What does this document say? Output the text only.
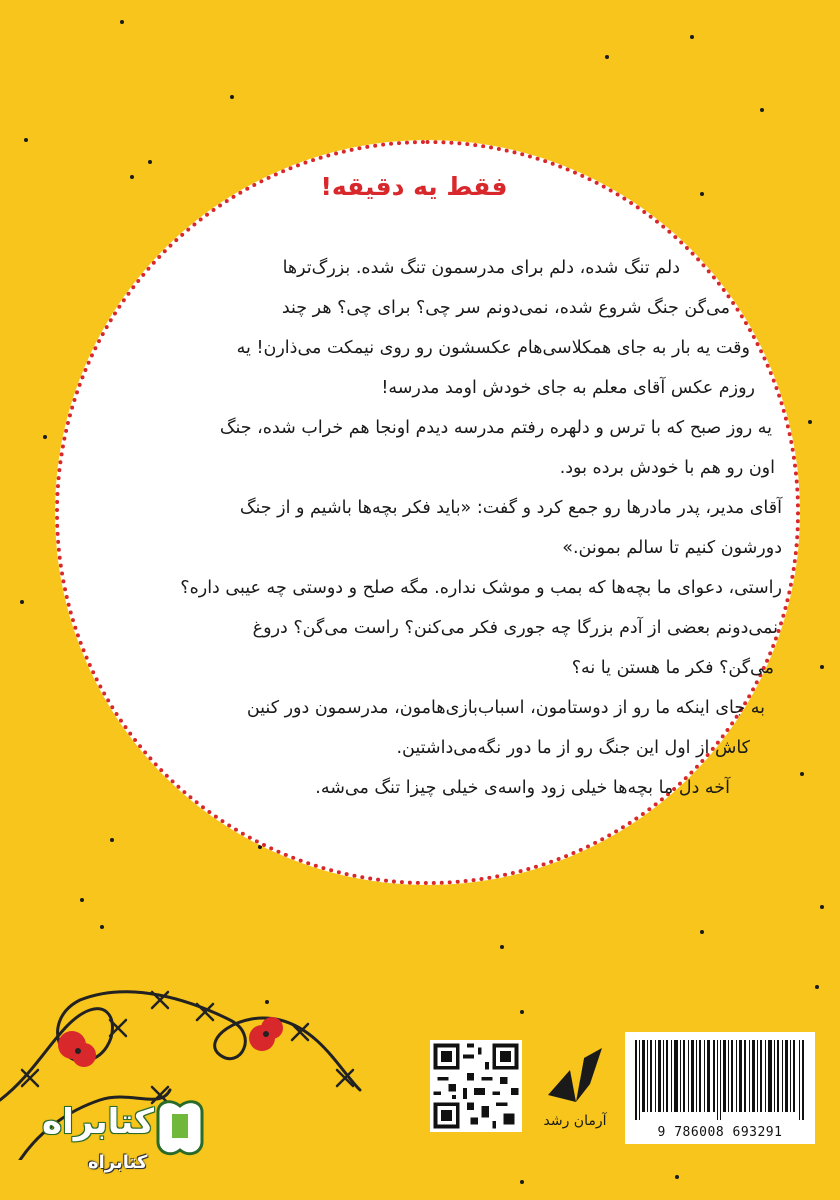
فقط یه دقیقه!
دلم تنگ شده، دلم برای مدرسمون تنگ شده. بزرگ‌ترها
می‌گن جنگ شروع شده، نمی‌دونم سر چی؟ برای چی؟ هر چند
وقت یه بار به جای همکلاسی‌هام عکسشون رو روی نیمکت می‌ذارن! یه
روزم عکس آقای معلم به جای خودش اومد مدرسه!
یه روز صبح که با ترس و دلهره رفتم مدرسه دیدم اونجا هم خراب شده، جنگ
اون رو هم با خودش برده بود.
آقای مدیر، پدر مادرها رو جمع کرد و گفت: «باید فکر بچه‌ها باشیم و از جنگ
دورشون کنیم تا سالم بمونن.»
راستی، دعوای ما بچه‌ها که بمب و موشک نداره. مگه صلح و دوستی چه عیبی داره؟
نمی‌دونم بعضی از آدم بزرگا چه جوری فکر می‌کنن؟ راست می‌گن؟ دروغ
می‌گن؟ فکر ما هستن یا نه؟
به جای اینکه ما رو از دوستامون، اسباب‌بازی‌هامون، مدرسمون دور کنین
کاش از اول این جنگ رو از ما دور نگه‌می‌داشتین.
آخه دل ما بچه‌ها خیلی زود واسه‌ی خیلی چیزا تنگ می‌شه.
آرمان رشد
9 786008 693291
کتابراه
کتابراه
